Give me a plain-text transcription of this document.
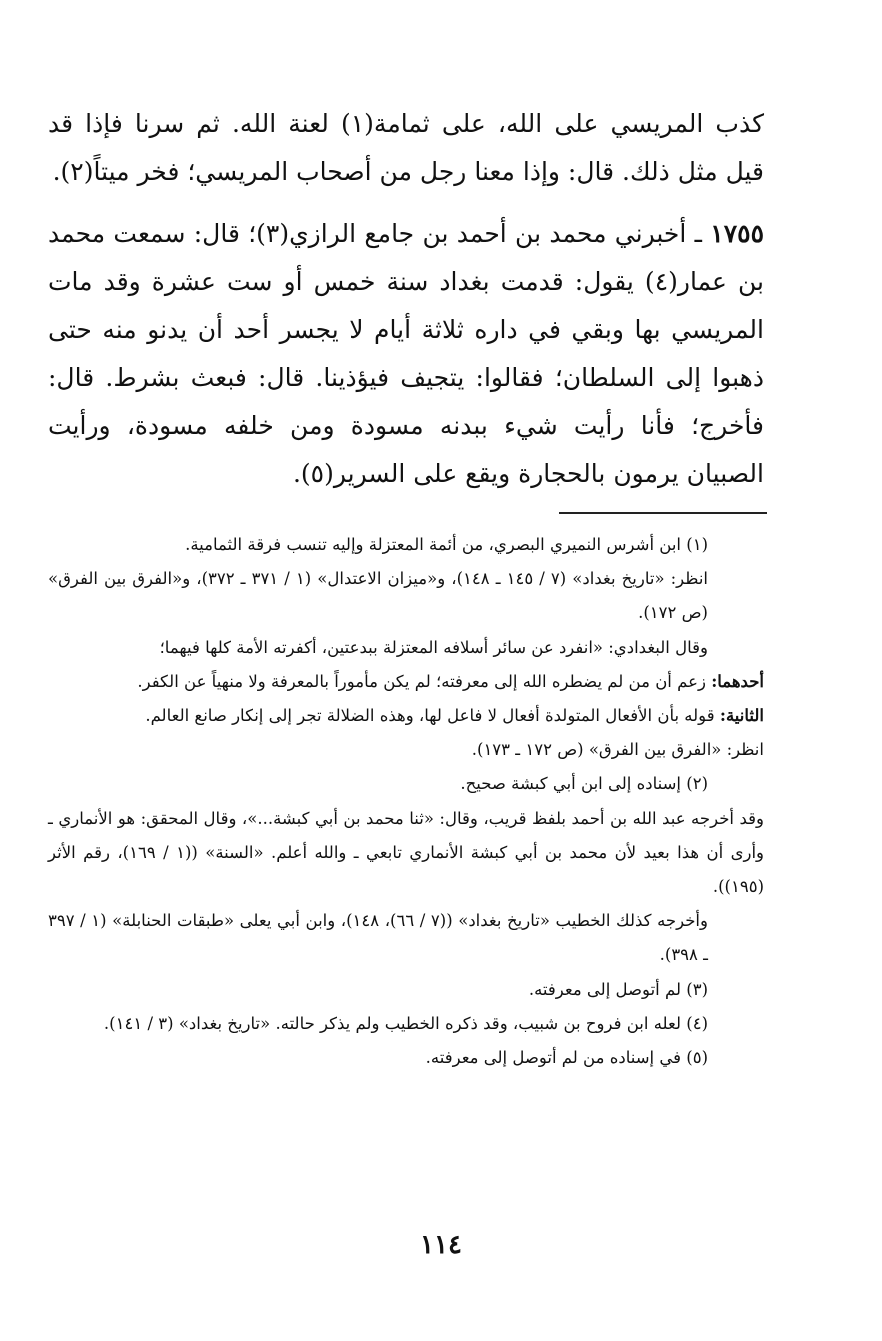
كذب المريسي على الله، على ثمامة(١) لعنة الله. ثم سرنا فإذا قد قيل مثل ذلك. قال: وإذا معنا رجل من أصحاب المريسي؛ فخر ميتاً(٢).

١٧٥٥ ـ أخبرني محمد بن أحمد بن جامع الرازي(٣)؛ قال: سمعت محمد بن عمار(٤) يقول: قدمت بغداد سنة خمس أو ست عشرة وقد مات المريسي بها وبقي في داره ثلاثة أيام لا يجسر أحد أن يدنو منه حتى ذهبوا إلى السلطان؛ فقالوا: يتجيف فيؤذينا. قال: فبعث بشرط. قال: فأخرج؛ فأنا رأيت شيء ببدنه مسودة ومن خلفه مسودة، ورأيت الصبيان يرمون بالحجارة ويقع على السرير(٥).

(١) ابن أشرس النميري البصري، من أئمة المعتزلة وإليه تنسب فرقة الثمامية.

انظر: «تاريخ بغداد» (٧ / ١٤٥ ـ ١٤٨)، و«ميزان الاعتدال» (١ / ٣٧١ ـ ٣٧٢)، و«الفرق بين الفرق» (ص ١٧٢).

وقال البغدادي: «انفرد عن سائر أسلافه المعتزلة ببدعتين، أكفرته الأمة كلها فيهما؛

أحدهما: زعم أن من لم يضطره الله إلى معرفته؛ لم يكن مأموراً بالمعرفة ولا منهياً عن الكفر.

الثانية: قوله بأن الأفعال المتولدة أفعال لا فاعل لها، وهذه الضلالة تجر إلى إنكار صانع العالم.

انظر: «الفرق بين الفرق» (ص ١٧٢ ـ ١٧٣).

(٢) إسناده إلى ابن أبي كبشة صحيح.

وقد أخرجه عبد الله بن أحمد بلفظ قريب، وقال: «ثنا محمد بن أبي كبشة...»، وقال المحقق: هو الأنماري ـ وأرى أن هذا بعيد لأن محمد بن أبي كبشة الأنماري تابعي ـ والله أعلم. «السنة» ((١ / ١٦٩)، رقم الأثر (١٩٥)).

وأخرجه كذلك الخطيب «تاريخ بغداد» ((٧ / ٦٦)، ١٤٨)، وابن أبي يعلى «طبقات الحنابلة» (١ / ٣٩٧ ـ ٣٩٨).

(٣) لم أتوصل إلى معرفته.

(٤) لعله ابن فروح بن شبيب، وقد ذكره الخطيب ولم يذكر حالته. «تاريخ بغداد» (٣ / ١٤١).

(٥) في إسناده من لم أتوصل إلى معرفته.

١١٤
